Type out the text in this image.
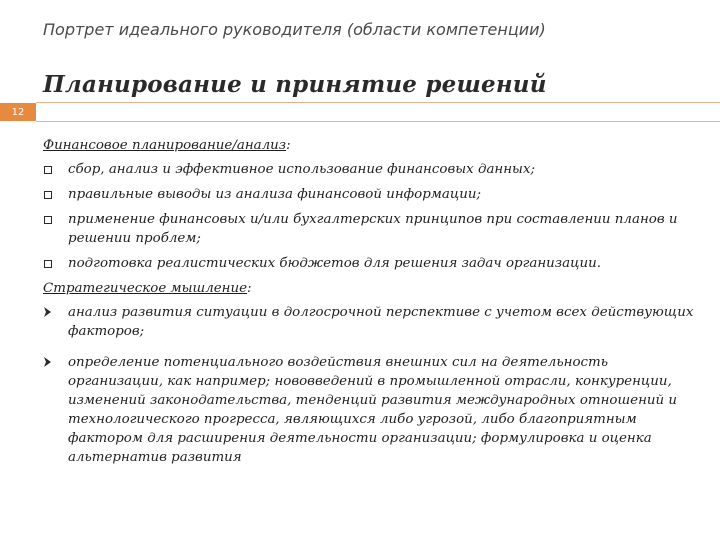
Портрет идеального руководителя (области компетенции)
Планирование и принятие решений
12
Финансовое планирование/анализ:
сбор, анализ и эффективное использование финансовых данных;
правильные выводы из анализа финансовой информации;
применение финансовых и/или бухгалтерских принципов при составлении планов и решении проблем;
подготовка реалистических бюджетов для решения задач организации.
Стратегическое мышление:
анализ развития ситуации в долгосрочной перспективе с учетом всех действующих факторов;
определение потенциального воздействия внешних сил на деятельность организации, как например; нововведений в промышленной отрасли, конкуренции, изменений законодательства, тенденций развития международных отношений и технологического прогресса, являющихся либо угрозой, либо благоприятным фактором для расширения деятельности организации; формулировка и оценка альтернатив развития
